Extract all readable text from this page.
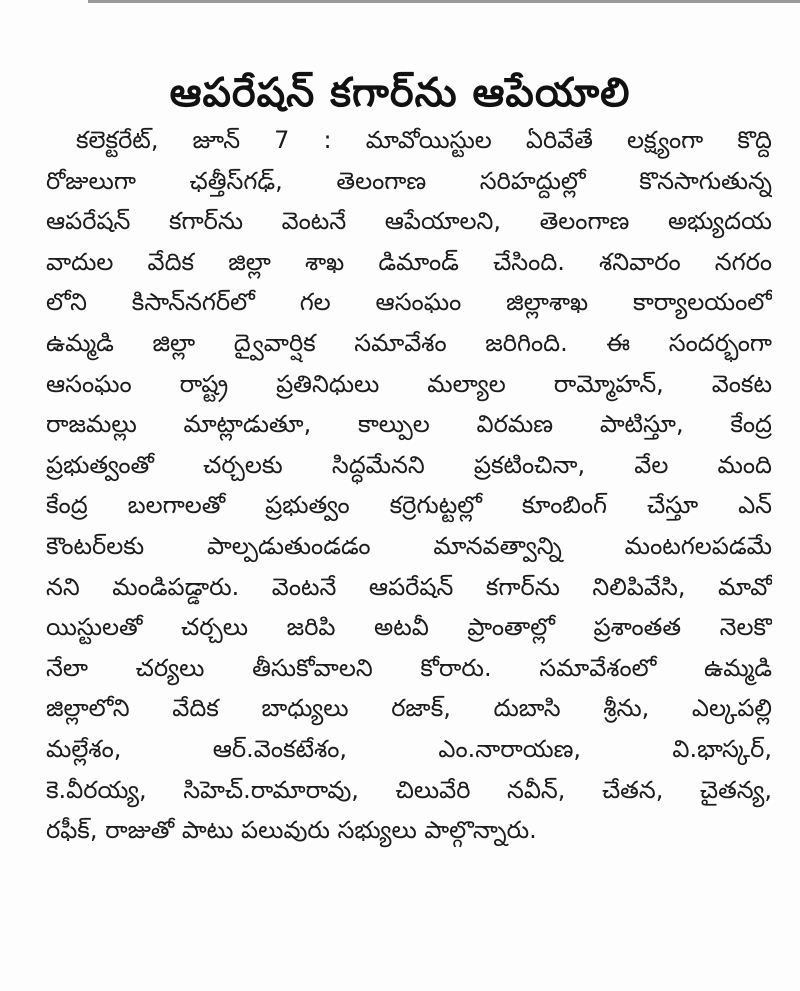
ఆపరేషన్ కగార్‌ను ఆపేయాలి
కలెక్టరేట్, జూన్ 7 : మావోయిస్టుల ఏరివేతే లక్ష్యంగా కొద్ది
రోజులుగా ఛత్తీస్‌గఢ్, తెలంగాణ సరిహద్దుల్లో కొనసాగుతున్న
ఆపరేషన్ కగార్‌ను వెంటనే ఆపేయాలని, తెలంగాణ అభ్యుదయ
వాదుల వేదిక జిల్లా శాఖ డిమాండ్ చేసింది. శనివారం నగరం
లోని కిసాన్‌నగర్‌లో గల ఆసంఘం జిల్లాశాఖ కార్యాలయంలో
ఉమ్మడి జిల్లా ద్వైవార్షిక సమావేశం జరిగింది. ఈ సందర్భంగా
ఆసంఘం రాష్ట్ర ప్రతినిధులు మల్యాల రామ్మోహన్, వెంకట
రాజమల్లు మాట్లాడుతూ, కాల్పుల విరమణ పాటిస్తూ, కేంద్ర
ప్రభుత్వంతో చర్చలకు సిద్ధమేనని ప్రకటించినా, వేల మంది
కేంద్ర బలగాలతో ప్రభుత్వం కర్రెగుట్టల్లో కూంబింగ్ చేస్తూ ఎన్
కౌంటర్‌లకు పాల్పడుతుండడం మానవత్వాన్ని మంటగలపడమే
నని మండిపడ్డారు. వెంటనే ఆపరేషన్ కగార్‌ను నిలిపివేసి, మావో
యిస్టులతో చర్చలు జరిపి అటవీ ప్రాంతాల్లో ప్రశాంతత నెలకొ
నేలా చర్యలు తీసుకోవాలని కోరారు. సమావేశంలో ఉమ్మడి
జిల్లాలోని వేదిక బాధ్యులు రజాక్, దుబాసి శ్రీను, ఎల్కపల్లి
మల్లేశం, ఆర్.వెంకటేశం, ఎం.నారాయణ, వి.భాస్కర్,
కె.వీరయ్య, సిహెచ్.రామారావు, చిలువేరి నవీన్, చేతన, చైతన్య,
రఫీక్, రాజుతో పాటు పలువురు సభ్యులు పాల్గొన్నారు.
